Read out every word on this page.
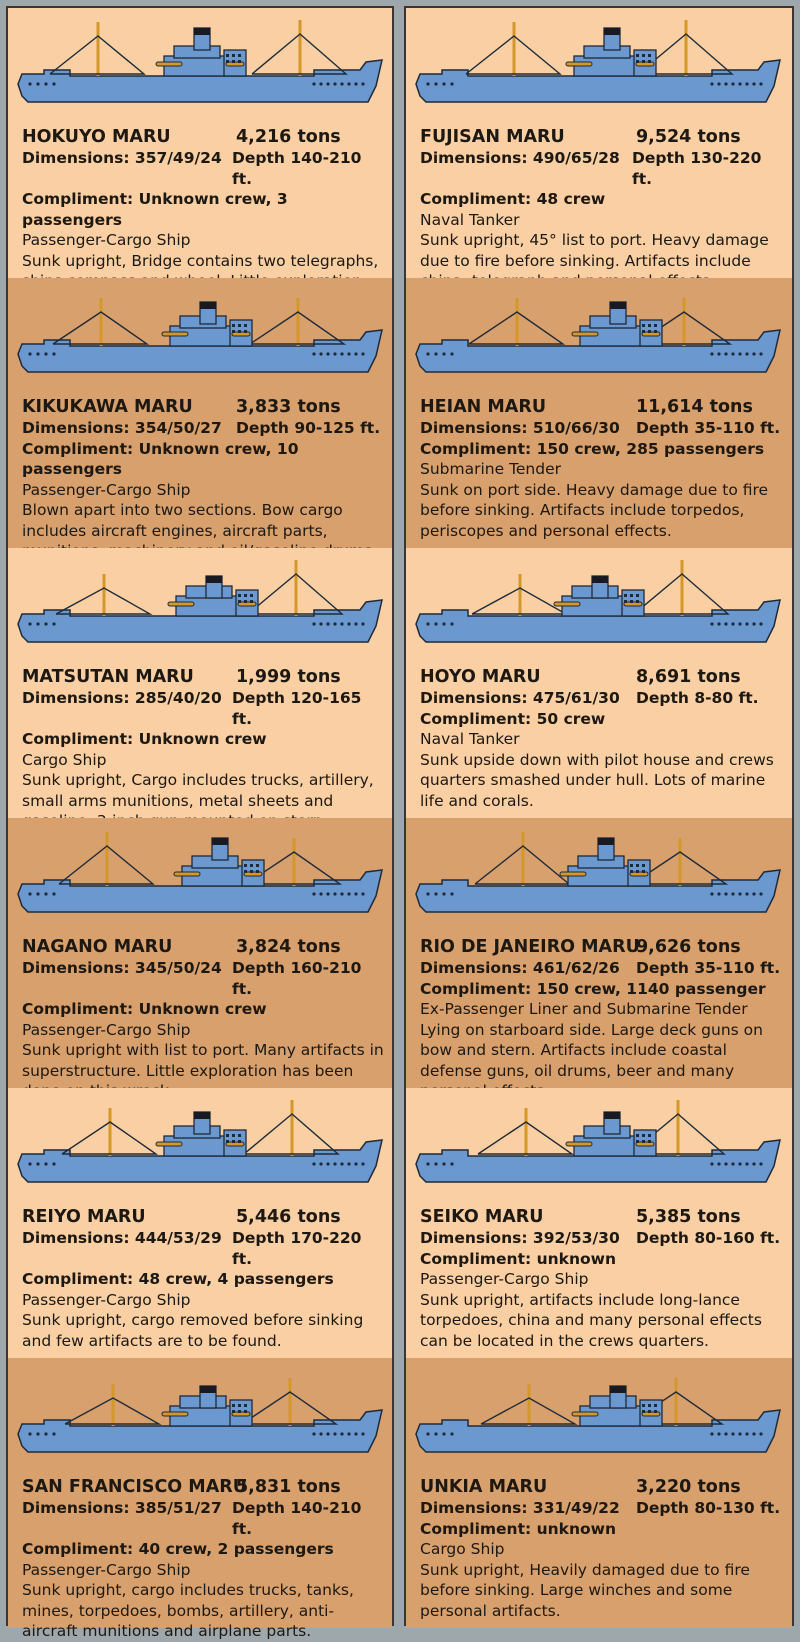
HOKUYO MARU	4,216 tons
Dimensions: 357/49/24 Depth 140-210 ft.
Compliment: Unknown crew, 3 passengers
Passenger-Cargo Ship

Sunk upright, Bridge contains two telegraphs,

KIKUKAWA MARU	3,833 tons
Dimensions: 354/50/27 Depth 90-125 ft.
Compliment: Unknown crew, 10 passengers
Passenger-Cargo Ship

Blown apart into two sections. Bow cargo includes aircraft engines, aircraft parts,

MATSUTAN MARU	1,999 tons
Dimensions: 285/40/20 Depth 120-165 ft.
Compliment: Unknown crew
Cargo Ship

Sunk upright, Cargo includes trucks, artillery, small arms munitions, metal sheets and

NAGANO MARU	3,824 tons
Dimensions: 345/50/24 Depth 160-210 ft.
Compliment: Unknown crew
Passenger-Cargo Ship

Sunk upright with list to port. Many artifacts in superstructure. Little exploration has been

REIYO MARU	5,446 tons
Dimensions: 444/53/29 Depth 170-220 ft.
Compliment: 48 crew, 4 passengers
Passenger-Cargo Ship

Sunk upright, cargo removed before sinking and few artifacts are to be found.

SAN FRANCISCO MARU
5,831 tons
Dimensions: 385/51/27 Depth 140-210 ft.
Compliment: 40 crew, 2 passengers
Passenger-Cargo Ship

Sunk upright, cargo includes trucks, tanks, mines, torpedoes, bombs, artillery, anti-aircraft munitions and airplane parts.

FUJISAN MARU	9,524 tons
Dimensions: 490/65/28 Depth 130-220 ft.
Compliment: 48 crew
Naval Tanker

Sunk upright, 45° list to port. Heavy damage due to fire before sinking. Artifacts include

HEIAN MARU	11,614 tons
Dimensions: 510/66/30	Depth 35-110 ft.
Compliment: 150 crew, 285 passengers
Submarine Tender

Sunk on port side. Heavy damage due to fire before sinking. Artifacts include torpedos, periscopes and personal effects.

HOYO MARU	8,691 tons
Dimensions: 475/61/30	Depth 8-80 ft.
Compliment: 50 crew
Naval Tanker

Sunk upside down with pilot house and crews quarters smashed under hull. Lots of marine life and corals.

RIO DE JANEIRO MARU
9,626 tons
Dimensions: 461/62/26	Depth 35-110 ft.
Compliment: 150 crew, 1140 passenger
Ex-Passenger Liner and Submarine Tender

Lying on starboard side. Large deck guns on bow and stern. Artifacts include coastal defense guns, oil drums, beer and many

SEIKO MARU	5,385 tons
Dimensions: 392/53/30	Depth 80-160 ft.
Compliment: unknown
Passenger-Cargo Ship

Sunk upright, artifacts include long-lance torpedoes, china and many personal effects can be located in the crews quarters.

UNKIA MARU	3,220 tons
Dimensions: 331/49/22	Depth 80-130 ft.
Compliment: unknown
Cargo Ship

Sunk upright, Heavily damaged due to fire before sinking. Large winches and some personal artifacts.
